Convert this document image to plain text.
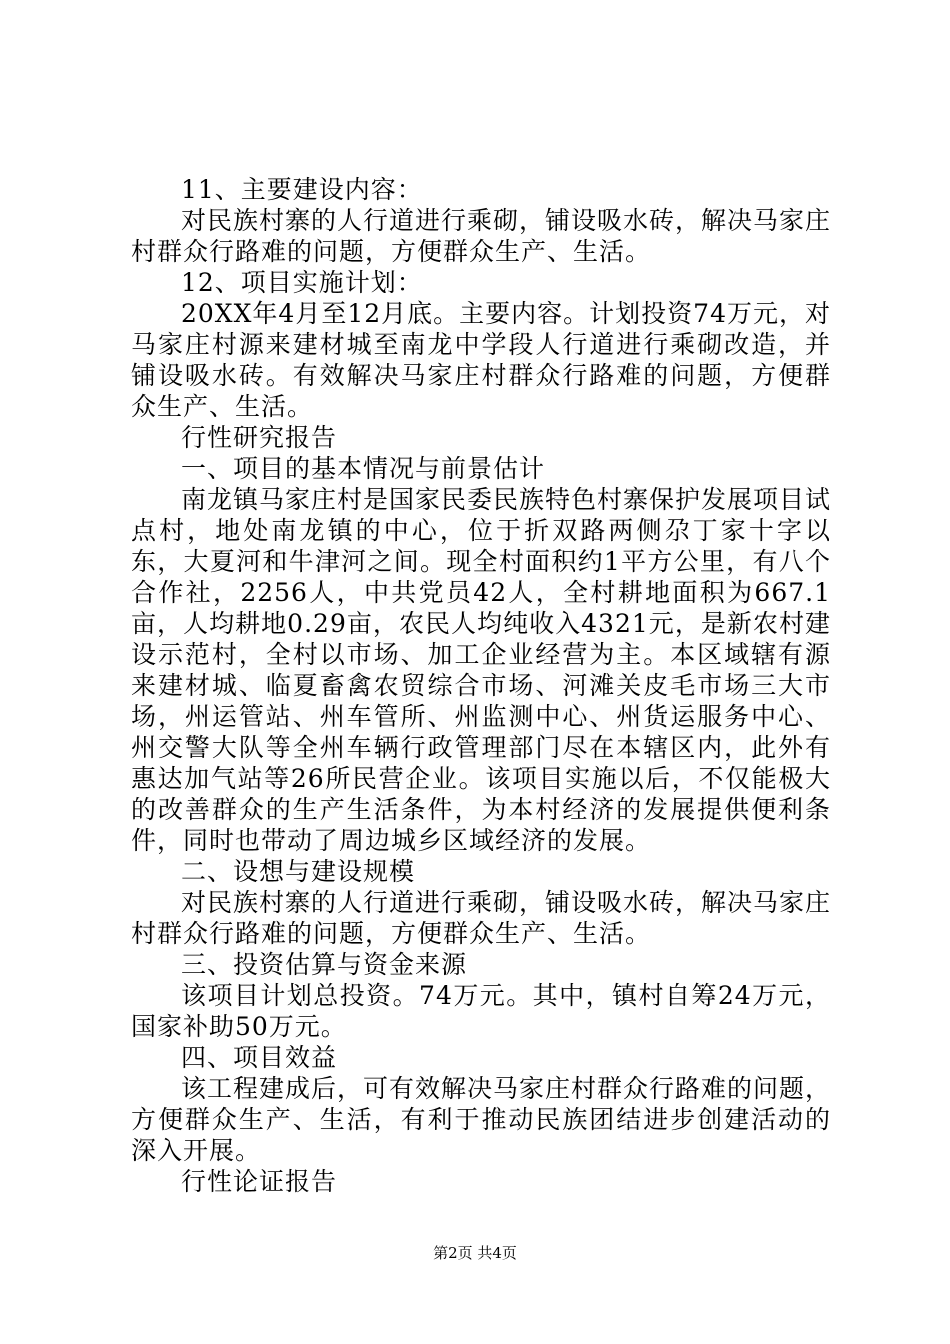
11、主要建设内容：

对民族村寨的人行道进行乘砌，铺设吸水砖，解决马家庄村群众行路难的问题，方便群众生产、生活。

12、项目实施计划：

20XX年4月至12月底。主要内容。计划投资74万元，对马家庄村源来建材城至南龙中学段人行道进行乘砌改造，并铺设吸水砖。有效解决马家庄村群众行路难的问题，方便群众生产、生活。

行性研究报告

一、项目的基本情况与前景估计

南龙镇马家庄村是国家民委民族特色村寨保护发展项目试点村，地处南龙镇的中心，位于折双路两侧尕丁家十字以东，大夏河和牛津河之间。现全村面积约1平方公里，有八个合作社，2256人，中共党员42人，全村耕地面积为667.1亩，人均耕地0.29亩，农民人均纯收入4321元，是新农村建设示范村，全村以市场、加工企业经营为主。本区域辖有源来建材城、临夏畜禽农贸综合市场、河滩关皮毛市场三大市场，州运管站、州车管所、州监测中心、州货运服务中心、州交警大队等全州车辆行政管理部门尽在本辖区内，此外有惠达加气站等26所民营企业。该项目实施以后，不仅能极大的改善群众的生产生活条件，为本村经济的发展提供便利条件，同时也带动了周边城乡区域经济的发展。

二、设想与建设规模

对民族村寨的人行道进行乘砌，铺设吸水砖，解决马家庄村群众行路难的问题，方便群众生产、生活。

三、投资估算与资金来源

该项目计划总投资。74万元。其中，镇村自筹24万元，国家补助50万元。

四、项目效益

该工程建成后，可有效解决马家庄村群众行路难的问题，方便群众生产、生活，有利于推动民族团结进步创建活动的深入开展。

行性论证报告

第2页 共4页
